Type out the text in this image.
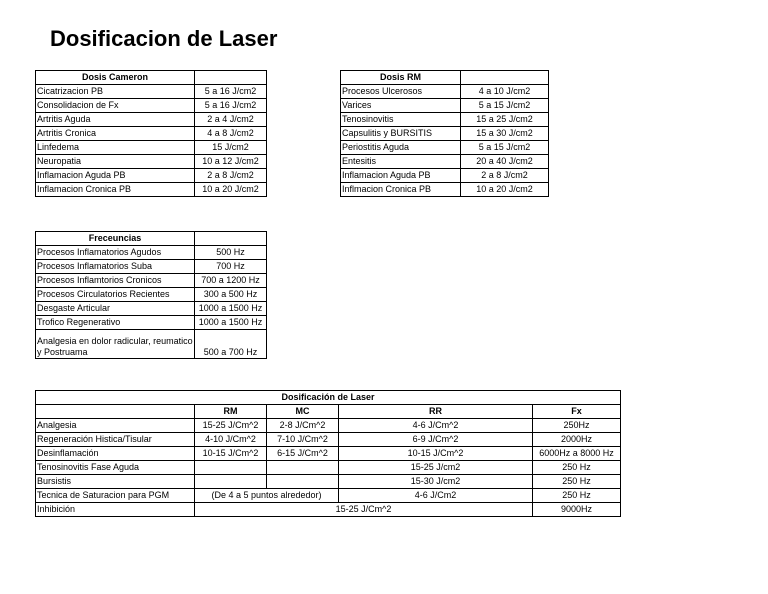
Dosificacion de Laser
Dosis Cameron	
Cicatrizacion PB	5 a 16 J/cm2
Consolidacion de Fx	5 a 16 J/cm2
Artritis Aguda	2 a 4 J/cm2
Artritis Cronica	4 a 8 J/cm2
Linfedema	15 J/cm2
Neuropatia	10 a 12 J/cm2
Inflamacion Aguda PB	2 a 8 J/cm2
Inflamacion Cronica PB	10 a 20 J/cm2
Dosis RM	
Procesos Ulcerosos	4 a 10 J/cm2
Varices	5 a 15 J/cm2
Tenosinovitis	15 a 25 J/cm2
Capsulitis y BURSITIS	15 a 30 J/cm2
Periostitis Aguda	5 a 15 J/cm2
Entesitis	20 a 40 J/cm2
Inflamacion Aguda PB	2 a 8 J/cm2
Inflmacion Cronica PB	10 a 20 J/cm2
Freceuncias	
Procesos Inflamatorios Agudos	500 Hz
Procesos Inflamatorios Suba	700 Hz
Procesos Inflamtorios Cronicos	700 a 1200 Hz
Procesos Circulatorios Recientes	300 a 500 Hz
Desgaste Articular	1000 a 1500 Hz
Trofico Regenerativo	1000 a 1500 Hz
Analgesia en dolor radicular, reumatico y Postruama	500 a 700 Hz
Dosificación de Laser				
	RM	MC	RR	Fx
Analgesia	15-25 J/Cm^2	2-8 J/Cm^2	4-6 J/Cm^2	250Hz
Regeneración Histica/Tisular	4-10 J/Cm^2	7-10 J/Cm^2	6-9 J/Cm^2	2000Hz
Desinflamación	10-15 J/Cm^2	6-15 J/Cm^2	10-15 J/Cm^2	6000Hz a 8000 Hz
Tenosinovitis Fase Aguda			15-25 J/cm2	250 Hz
Bursistis			15-30 J/cm2	250 Hz
Tecnica de Saturacion para PGM	(De 4 a 5 puntos alrededor)		4-6 J/Cm2	250 Hz
Inhibición	15-25 J/Cm^2			9000Hz
